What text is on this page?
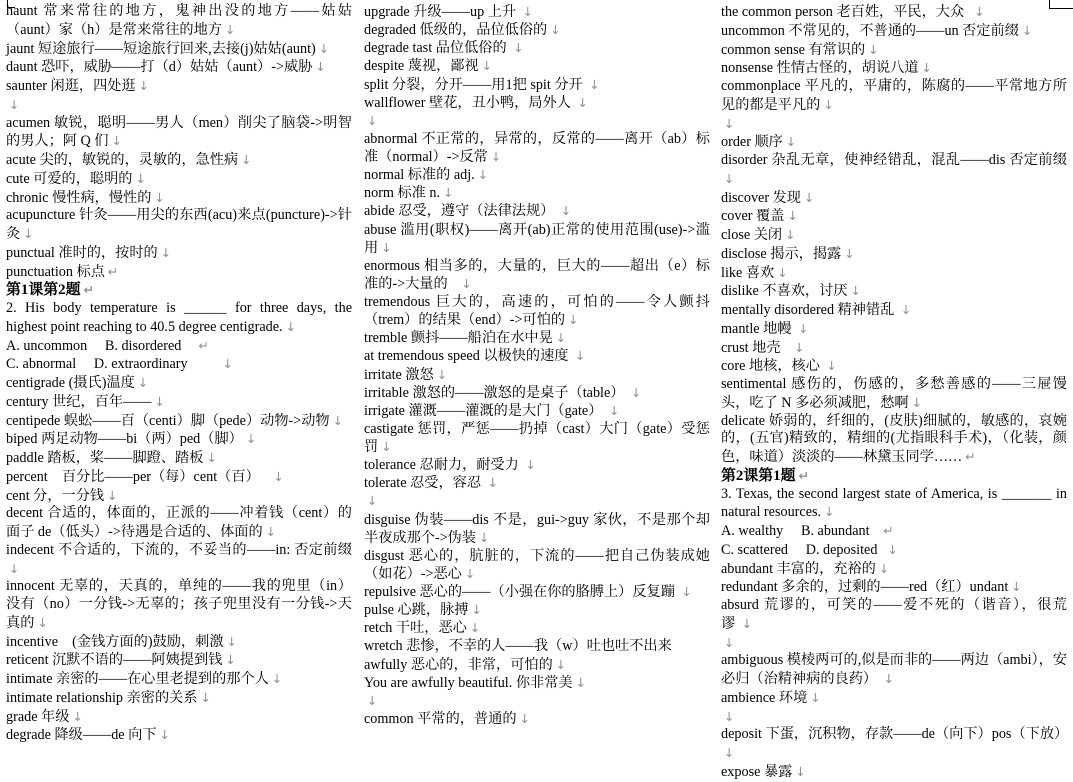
haunt 常来常往的地方，鬼神出没的地方——姑姑（aunt）家（h）是常来常往的地方 ↓

jaunt 短途旅行——短途旅行回来,去接(j)姑姑(aunt) ↓

daunt 恐吓，威胁——打（d）姑姑（aunt）->威胁 ↓

saunter 闲逛，四处逛 ↓

↓

acumen 敏锐，聪明——男人（men）削尖了脑袋->明智的男人；阿 Q 们 ↓

acute 尖的，敏锐的，灵敏的，急性病 ↓

cute 可爱的，聪明的 ↓

chronic 慢性病，慢性的 ↓

acupuncture 针灸——用尖的东西(acu)来点(puncture)->针灸 ↓

punctual 准时的，按时的 ↓

punctuation 标点 ↵

第1课第2题 ↵

2. His body temperature is ______ for three days, the highest point reaching to 40.5 degree centigrade. ↓

A. uncommon     B. disordered    ↵

C. abnormal     D. extraordinary         ↓

centigrade (摄氏)温度 ↓

century 世纪，百年—— ↓

centipede 蜈蚣——百（centi）脚（pede）动物->动物 ↓

biped 两足动物——bi（两）ped（脚） ↓

paddle 踏板，桨——脚蹬、踏板 ↓

percent    百分比——per（每）cent（百）   ↓

cent 分，一分钱 ↓

decent 合适的，体面的，正派的——冲着钱（cent）的面子 de（低头）->待遇是合适的、体面的 ↓

indecent 不合适的，下流的，不妥当的——in: 否定前缀↓

innocent 无辜的，天真的，单纯的——我的兜里（in）没有（no）一分钱->无辜的；孩子兜里没有一分钱->天真的 ↓

incentive    (金钱方面的)鼓励，刺激 ↓

reticent 沉默不语的——阿姨提到钱 ↓

intimate 亲密的——在心里老提到的那个人 ↓

intimate relationship 亲密的关系 ↓

grade 年级 ↓

degrade 降级——de 向下 ↓

upgrade 升级——up 上升 ↓

degraded 低级的，品位低俗的 ↓

degrade tast 品位低俗的 ↓

despite 蔑视，鄙视 ↓

split 分裂，分开——用1把 spit 分开 ↓

wallflower 壁花，丑小鸭，局外人 ↓

↓

abnormal 不正常的，异常的，反常的——离开（ab）标准（normal）->反常 ↓

normal 标准的 adj. ↓

norm 标准 n. ↓

abide 忍受，遵守（法律法规） ↓

abuse 滥用(职权)——离开(ab)正常的使用范围(use)->滥用 ↓

enormous 相当多的，大量的，巨大的——超出（e）标准的->大量的   ↓

tremendous 巨大的，高速的，可怕的——令人颤抖（trem）的结果（end）->可怕的 ↓

tremble 颤抖——船泊在水中晃 ↓

at tremendous speed 以极快的速度 ↓

irritate 激怒 ↓

irritable 激怒的——激怒的是桌子（table） ↓

irrigate 灌溉——灌溉的是大门（gate） ↓

castigate 惩罚，严惩——扔掉（cast）大门（gate）受惩罚 ↓

tolerance 忍耐力，耐受力 ↓

tolerate 忍受，容忍 ↓

↓

disguise 伪装——dis 不是，gui->guy 家伙，不是那个却半夜成那个->伪装 ↓

disgust 恶心的，肮脏的，下流的——把自己伪装成她（如花）->恶心 ↓

repulsive 恶心的——（小强在你的胳膊上）反复蹦 ↓

pulse 心跳，脉搏 ↓

retch 干吐，恶心 ↓

wretch 悲惨，不幸的人——我（w）吐也吐不出来

awfully 恶心的，非常，可怕的 ↓

You are awfully beautiful. 你非常美 ↓

↓

common 平常的，普通的 ↓

the common person 老百姓，平民，大众  ↓

uncommon 不常见的，不普通的——un 否定前缀 ↓

common sense 有常识的 ↓

nonsense 性情古怪的，胡说八道 ↓

commonplace 平凡的，平庸的，陈腐的——平常地方所见的都是平凡的 ↓

↓

order 顺序 ↓

disorder 杂乱无章，使神经错乱，混乱——dis 否定前缀↓

discover 发现 ↓

cover 覆盖 ↓

close 关闭 ↓

disclose 揭示，揭露 ↓

like 喜欢 ↓

dislike 不喜欢，讨厌 ↓

mentally disordered 精神错乱 ↓

mantle 地幔 ↓

crust 地壳   ↓

core 地核，核心 ↓

sentimental 感伤的，伤感的，多愁善感的——三屉馒头，吃了 N 多必须减肥，愁啊 ↓

delicate 娇弱的，纤细的，(皮肤)细腻的，敏感的，哀婉的，(五官)精致的，精细的(尤指眼科手术)，（化装，颜色，味道）淡淡的——林黛玉同学…… ↵

第2课第1题 ↵

3. Texas, the second largest state of America, is _______ in natural resources. ↓

A. wealthy     B. abundant   ↵

C. scattered     D. deposited  ↓

abundant 丰富的，充裕的 ↓

redundant 多余的，过剩的——red（红）undant ↓

absurd 荒谬的，可笑的——爱不死的（谐音），很荒谬 ↓

↓

ambiguous 模棱两可的,似是而非的——两边（ambi），安必归（治精神病的良药） ↓

ambience 环境 ↓

↓

deposit 下蛋，沉积物，存款——de（向下）pos（下放）↓

expose 暴露 ↓
